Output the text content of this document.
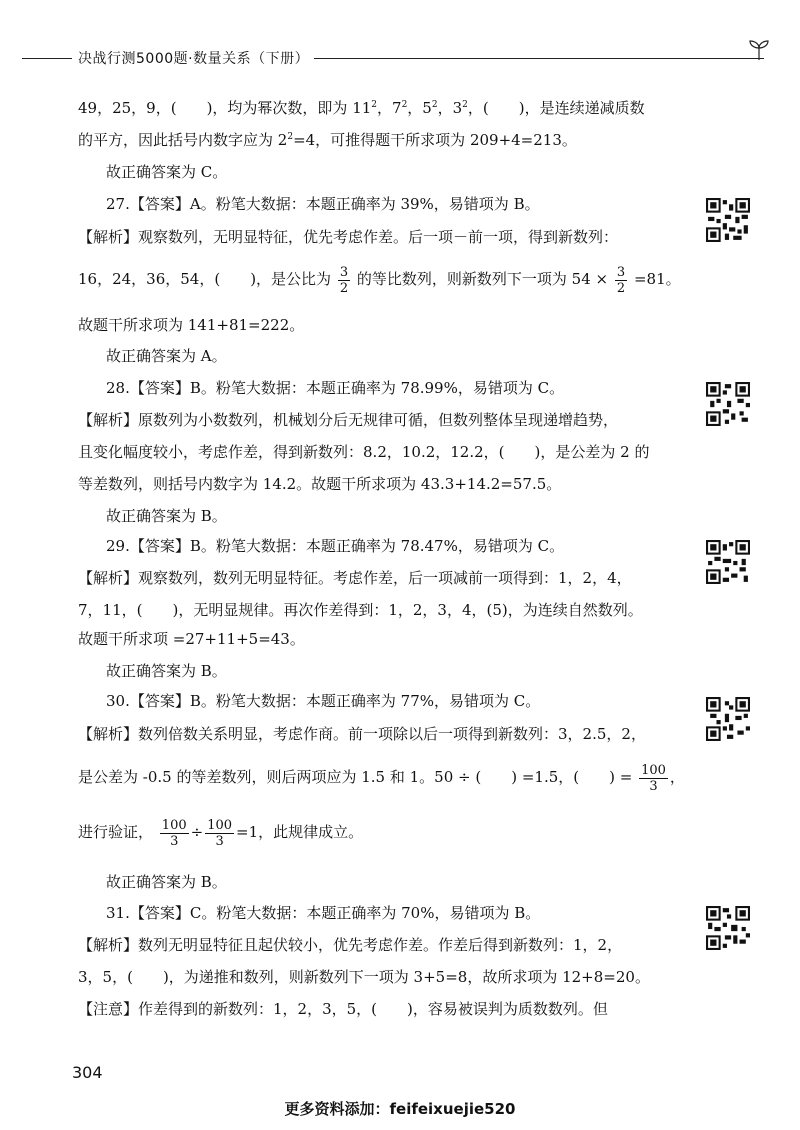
决战行测5000题·数量关系（下册）
49，25，9，(　　)，均为幂次数，即为 $11^2$，$7^2$，$5^2$，$3^2$，(　　)，是连续递减质数
的平方，因此括号内数字应为 $2^2=4$，可推得题干所求项为 209+4=213。
故正确答案为 C。
27.【答案】A。粉笔大数据：本题正确率为 39%，易错项为 B。
【解析】观察数列，无明显特征，优先考虑作差。后一项－前一项，得到新数列：
16，24，36，54，(　　)，是公比为 $\frac{3}{2}$ 的等比数列，则新数列下一项为 $54 \times \frac{3}{2} =81$。
故题干所求项为 141+81=222。
故正确答案为 A。
28.【答案】B。粉笔大数据：本题正确率为 78.99%，易错项为 C。
【解析】原数列为小数数列，机械划分后无规律可循，但数列整体呈现递增趋势，
且变化幅度较小，考虑作差，得到新数列：8.2，10.2，12.2，(　　)，是公差为 2 的
等差数列，则括号内数字为 14.2。故题干所求项为 43.3+14.2=57.5。
故正确答案为 B。
29.【答案】B。粉笔大数据：本题正确率为 78.47%，易错项为 C。
【解析】观察数列，数列无明显特征。考虑作差，后一项减前一项得到：1，2，4，
7，11，(　　)，无明显规律。再次作差得到：1，2，3，4，(5)，为连续自然数列。
故题干所求项 =27+11+5=43。
故正确答案为 B。
30.【答案】B。粉笔大数据：本题正确率为 77%，易错项为 C。
【解析】数列倍数关系明显，考虑作商。前一项除以后一项得到新数列：3，2.5，2，
是公差为 -0.5 的等差数列，则后两项应为 1.5 和 1。50 ÷ (　　) =1.5，(　　) = $\frac{100}{3}$ ，
进行验证， $\frac{100}{3} \div \frac{100}{3} =1$，此规律成立。
故正确答案为 B。
31.【答案】C。粉笔大数据：本题正确率为 70%，易错项为 B。
【解析】数列无明显特征且起伏较小，优先考虑作差。作差后得到新数列：1，2，
3，5，(　　)，为递推和数列，则新数列下一项为 3+5=8，故所求项为 12+8=20。
【注意】作差得到的新数列：1，2，3，5，(　　)，容易被误判为质数数列。但
304
更多资料添加：feifeixuejie520
